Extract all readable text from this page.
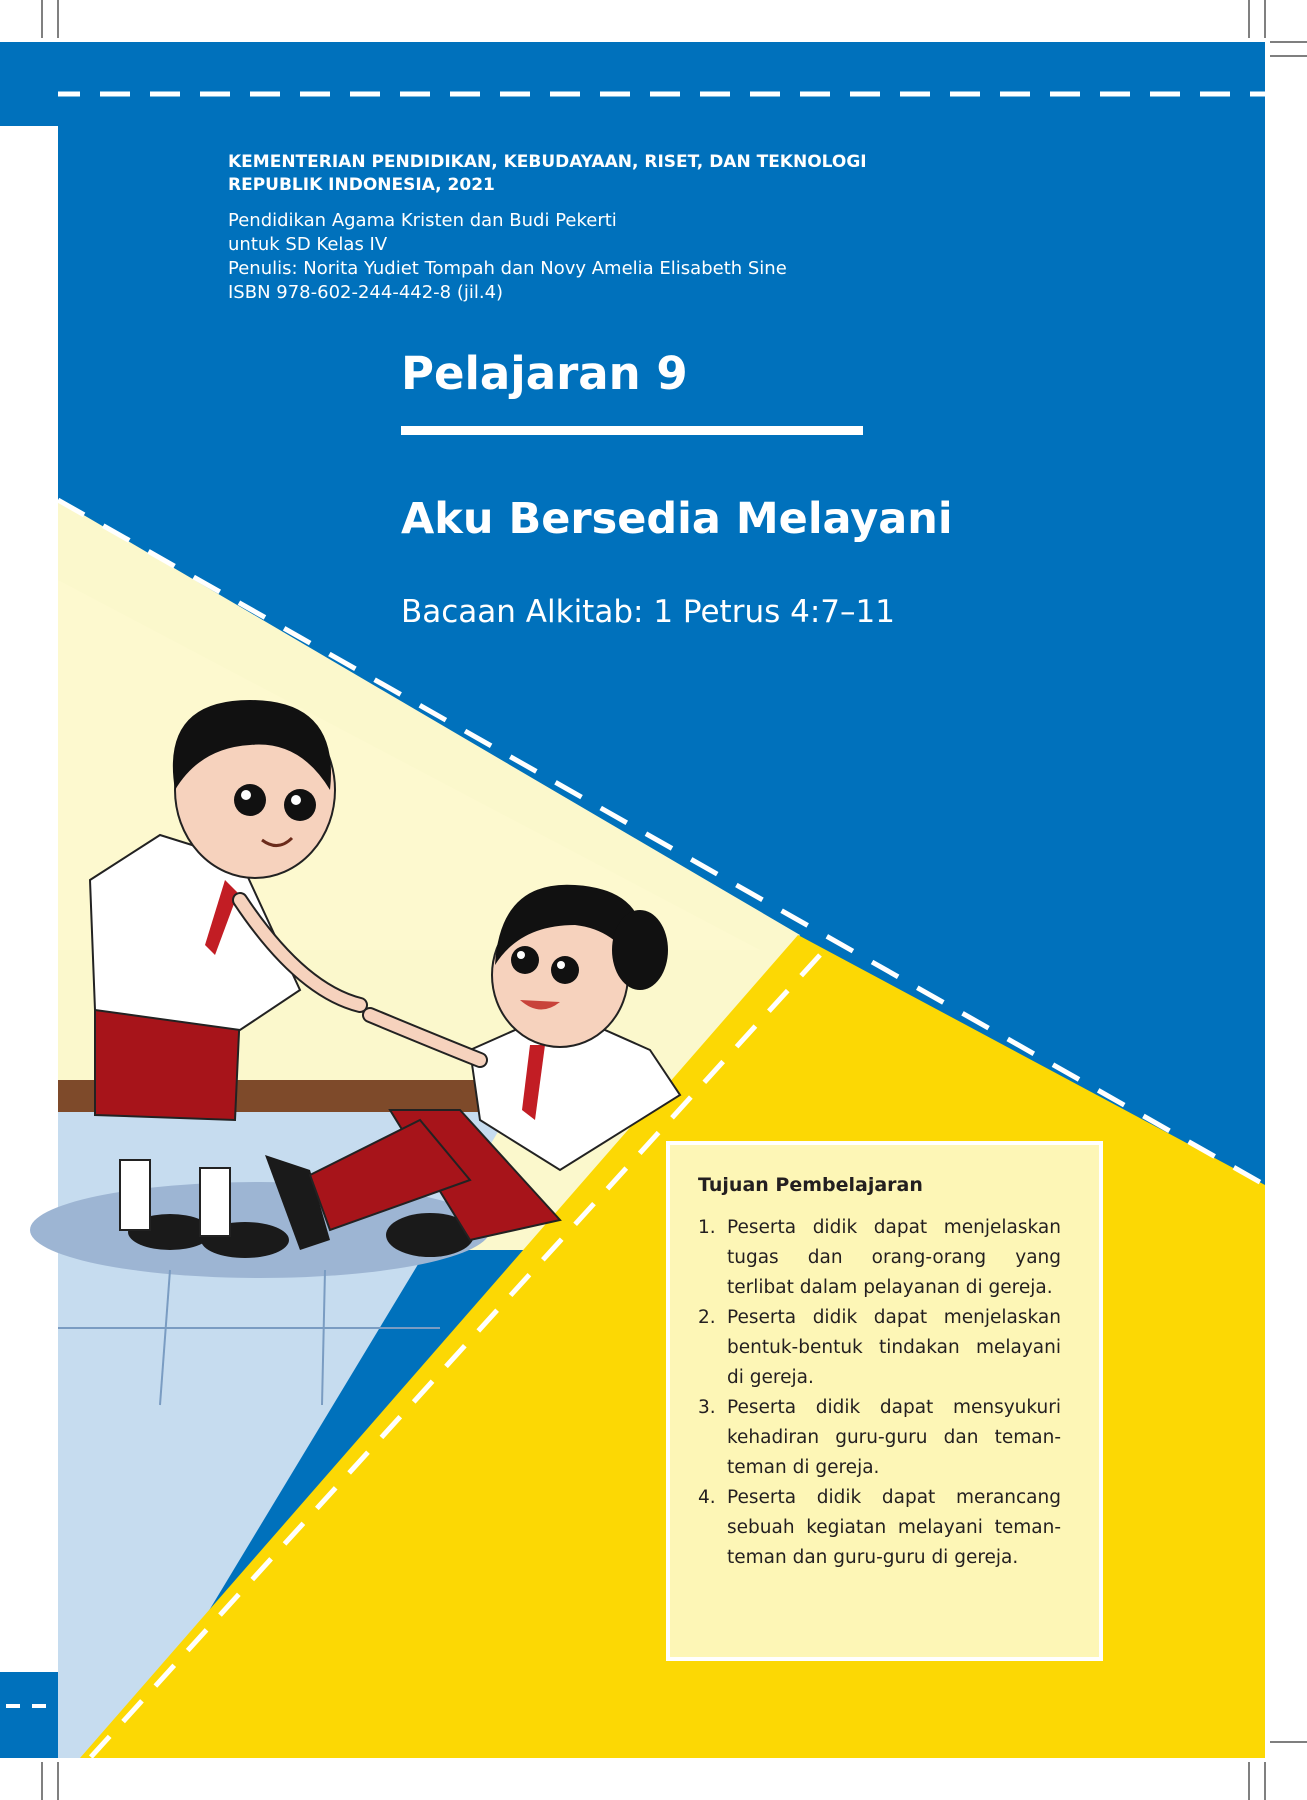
KEMENTERIAN PENDIDIKAN, KEBUDAYAAN, RISET, DAN TEKNOLOGI
REPUBLIK INDONESIA, 2021
Pendidikan Agama Kristen dan Budi Pekerti
untuk SD Kelas IV
Penulis: Norita Yudiet Tompah dan Novy Amelia Elisabeth Sine
ISBN 978-602-244-442-8 (jil.4)
Pelajaran 9
Aku Bersedia Melayani
Bacaan Alkitab: 1 Petrus 4:7–11
Tujuan Pembelajaran
1. Peserta didik dapat menjelaskan tugas dan orang-orang yang terlibat dalam pelayanan di gereja.
2. Peserta didik dapat menjelaskan bentuk-bentuk tindakan melayani di gereja.
3. Peserta didik dapat mensyukuri kehadiran guru-guru dan teman-teman di gereja.
4. Peserta didik dapat merancang sebuah kegiatan melayani teman-teman dan guru-guru di gereja.
